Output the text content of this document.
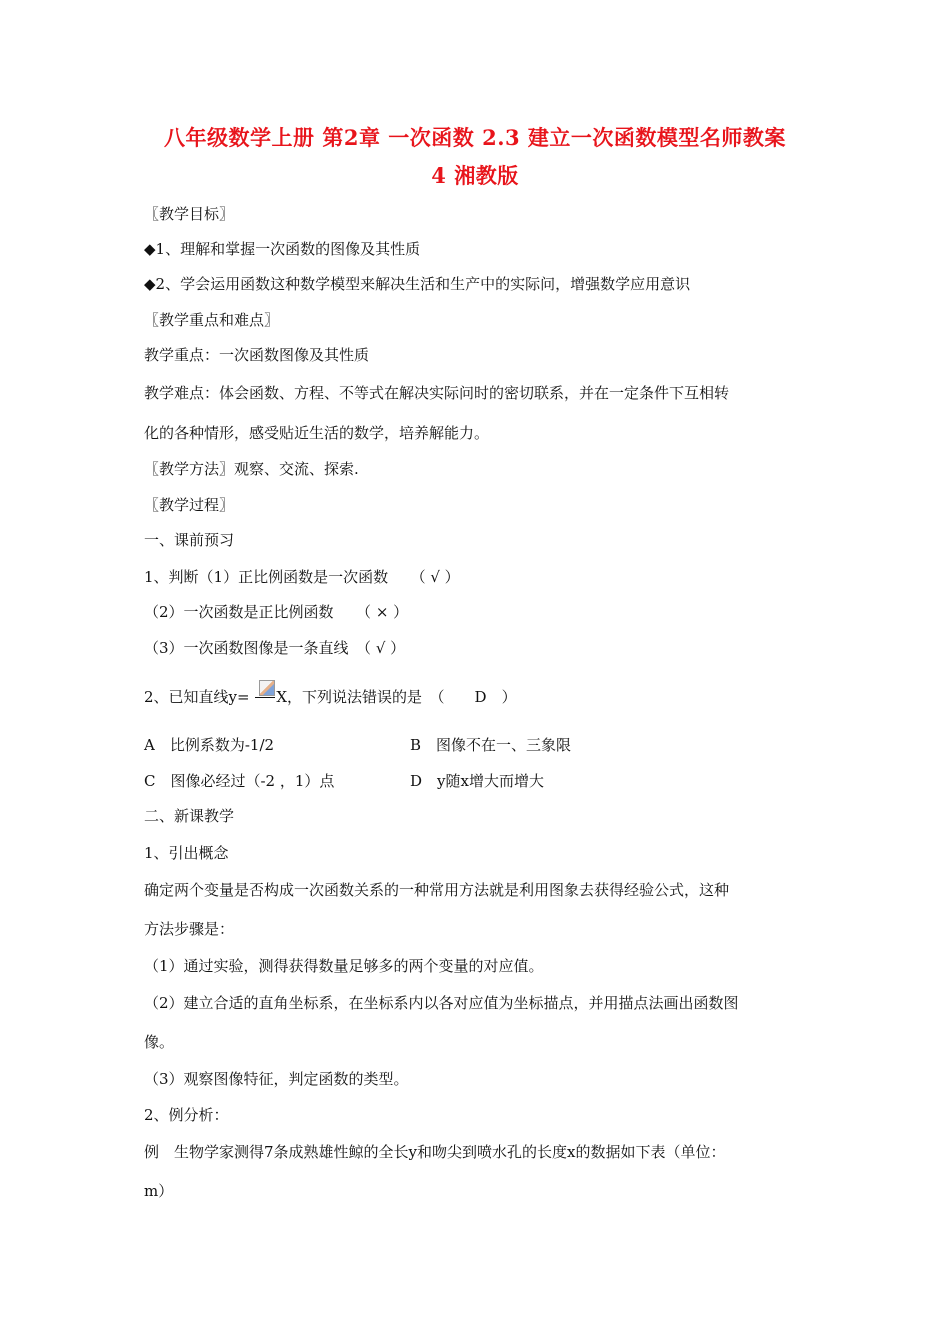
八年级数学上册 第2章 一次函数 2.3 建立一次函数模型名师教案
4 湘教版
〖教学目标〗
◆1、理解和掌握一次函数的图像及其性质
◆2、学会运用函数这种数学模型来解决生活和生产中的实际问，增强数学应用意识
〖教学重点和难点〗
教学重点：一次函数图像及其性质
教学难点：体会函数、方程、不等式在解决实际问时的密切联系，并在一定条件下互相转
化的各种情形，感受贴近生活的数学，培养解能力。
〖教学方法〗观察、交流、探索.
〖教学过程〗
一、课前预习
1、判断（1）正比例函数是一次函数　　（ √ ）
（2）一次函数是正比例函数　　（ × ）
（3）一次函数图像是一条直线　（ √ ）
2、已知直线y=
X，下列说法错误的是　（　　D　）
A　比例系数为-1/2	B　图像不在一、三象限
C　图像必经过（-2 ，1）点	D　y随x增大而增大
二、新课教学
1、引出概念
确定两个变量是否构成一次函数关系的一种常用方法就是利用图象去获得经验公式，这种
方法步骤是：
（1）通过实验，测得获得数量足够多的两个变量的对应值。
（2）建立合适的直角坐标系，在坐标系内以各对应值为坐标描点，并用描点法画出函数图
像。
（3）观察图像特征，判定函数的类型。
2、例分析：
例　生物学家测得7条成熟雄性鲸的全长y和吻尖到喷水孔的长度x的数据如下表（单位：
m）
